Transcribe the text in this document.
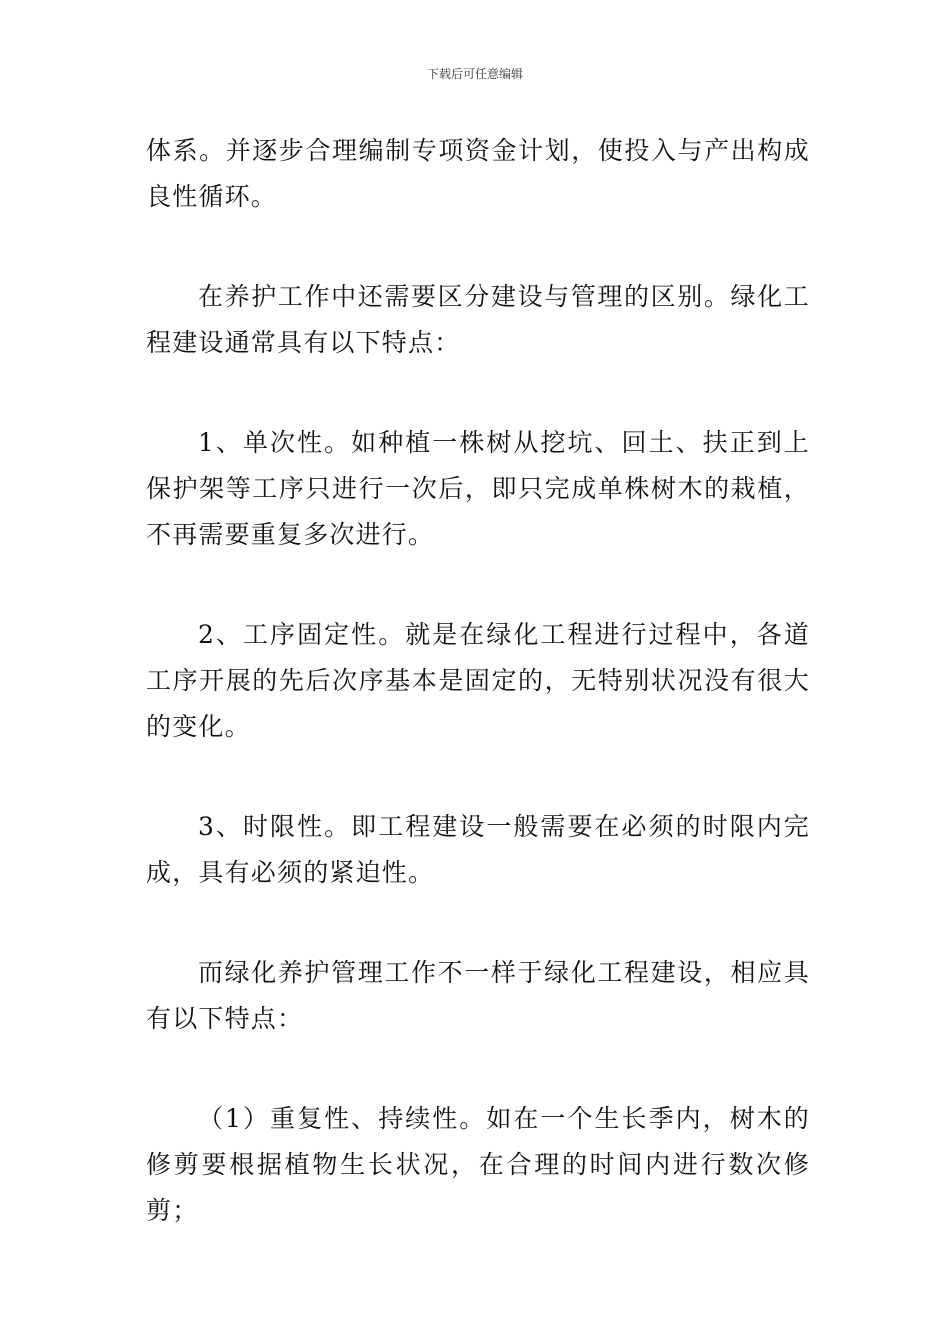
下载后可任意编辑

体系。并逐步合理编制专项资金计划，使投入与产出构成良性循环。

在养护工作中还需要区分建设与管理的区别。绿化工程建设通常具有以下特点：

1、单次性。如种植一株树从挖坑、回土、扶正到上保护架等工序只进行一次后，即只完成单株树木的栽植，不再需要重复多次进行。

2、工序固定性。就是在绿化工程进行过程中，各道工序开展的先后次序基本是固定的，无特别状况没有很大的变化。

3、时限性。即工程建设一般需要在必须的时限内完成，具有必须的紧迫性。

而绿化养护管理工作不一样于绿化工程建设，相应具有以下特点：

（1）重复性、持续性。如在一个生长季内，树木的修剪要根据植物生长状况，在合理的时间内进行数次修剪；
